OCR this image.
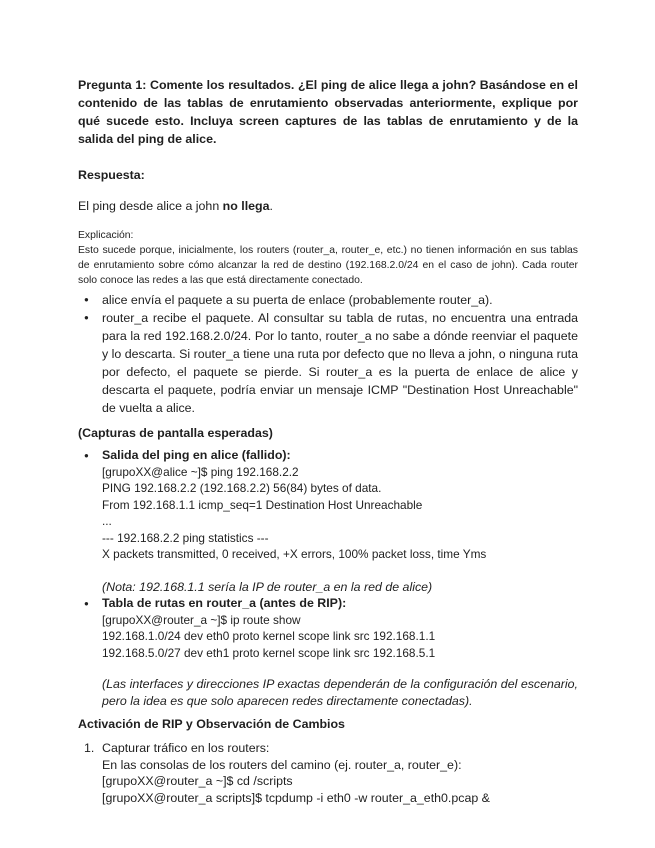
Pregunta 1: Comente los resultados. ¿El ping de alice llega a john? Basándose en el contenido de las tablas de enrutamiento observadas anteriormente, explique por qué sucede esto. Incluya screen captures de las tablas de enrutamiento y de la salida del ping de alice.

Respuesta:

El ping desde alice a john no llega.

Explicación:

Esto sucede porque, inicialmente, los routers (router_a, router_e, etc.) no tienen información en sus tablas de enrutamiento sobre cómo alcanzar la red de destino (192.168.2.0/24 en el caso de john). Cada router solo conoce las redes a las que está directamente conectado.

● alice envía el paquete a su puerta de enlace (probablemente router_a).
● router_a recibe el paquete. Al consultar su tabla de rutas, no encuentra una entrada para la red 192.168.2.0/24. Por lo tanto, router_a no sabe a dónde reenviar el paquete y lo descarta. Si router_a tiene una ruta por defecto que no lleva a john, o ninguna ruta por defecto, el paquete se pierde. Si router_a es la puerta de enlace de alice y descarta el paquete, podría enviar un mensaje ICMP "Destination Host Unreachable" de vuelta a alice.

(Capturas de pantalla esperadas)

● Salida del ping en alice (fallido):
[grupoXX@alice ~]$ ping 192.168.2.2
PING 192.168.2.2 (192.168.2.2) 56(84) bytes of data.
From 192.168.1.1 icmp_seq=1 Destination Host Unreachable
...
--- 192.168.2.2 ping statistics ---
X packets transmitted, 0 received, +X errors, 100% packet loss, time Yms
(Nota: 192.168.1.1 sería la IP de router_a en la red de alice)
● Tabla de rutas en router_a (antes de RIP):
[grupoXX@router_a ~]$ ip route show
192.168.1.0/24 dev eth0 proto kernel scope link src 192.168.1.1
192.168.5.0/27 dev eth1 proto kernel scope link src 192.168.5.1
(Las interfaces y direcciones IP exactas dependerán de la configuración del escenario, pero la idea es que solo aparecen redes directamente conectadas).

Activación de RIP y Observación de Cambios

1. Capturar tráfico en los routers:
En las consolas de los routers del camino (ej. router_a, router_e):
[grupoXX@router_a ~]$ cd /scripts
[grupoXX@router_a scripts]$ tcpdump -i eth0 -w router_a_eth0.pcap &
